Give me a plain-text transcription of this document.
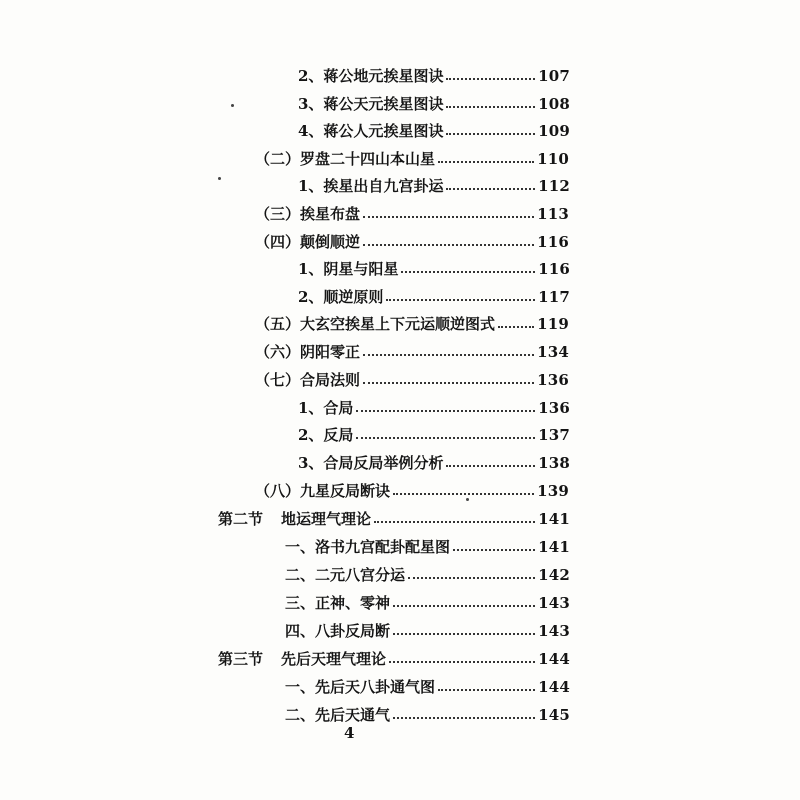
2、蒋公地元挨星图诀	107
3、蒋公天元挨星图诀	108
4、蒋公人元挨星图诀	109
（二）罗盘二十四山本山星	110
1、挨星出自九宫卦运	112
（三）挨星布盘	113
（四）颠倒顺逆	116
1、阴星与阳星	116
2、顺逆原则	117
（五）大玄空挨星上下元运顺逆图式	119
（六）阴阳零正	134
（七）合局法则	136
1、合局	136
2、反局	137
3、合局反局举例分析	138
（八）九星反局断诀	139
第二节 地运理气理论	141
一、洛书九宫配卦配星图	141
二、二元八宫分运	142
三、正神、零神	143
四、八卦反局断	143
第三节 先后天理气理论	144
一、先后天八卦通气图	144
二、先后天通气	145
4
